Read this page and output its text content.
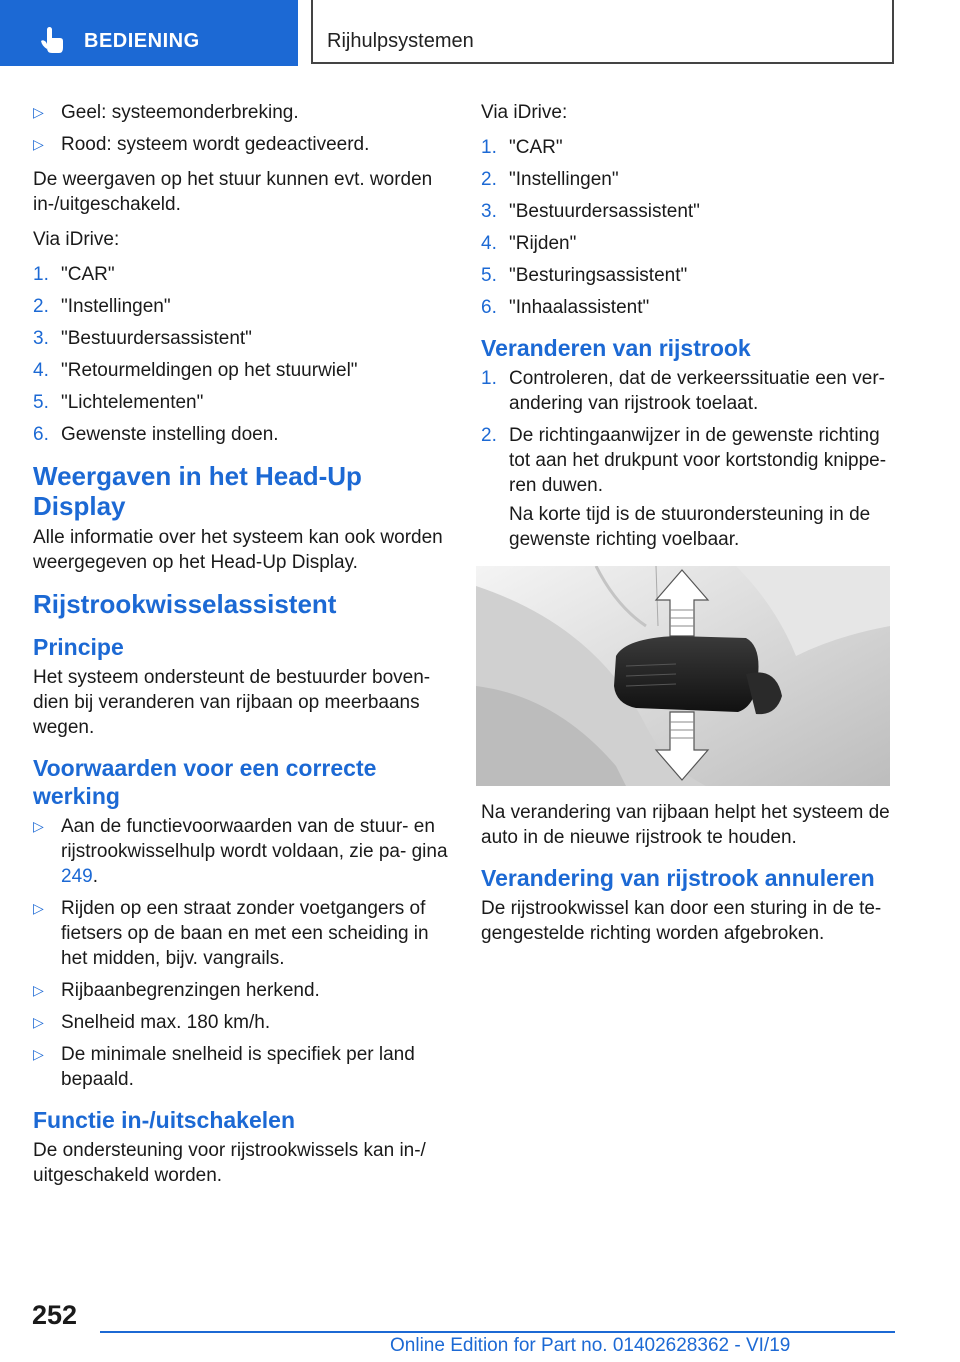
BEDIENING	Rijhulpsystemen
▷ Geel: systeemonderbreking.
▷ Rood: systeem wordt gedeactiveerd.

De weergaven op het stuur kunnen evt. worden in-/uitgeschakeld.

Via iDrive:

1. "CAR"
2. "Instellingen"
3. "Bestuurdersassistent"
4. "Retourmeldingen op het stuurwiel"
5. "Lichtelementen"
6. Gewenste instelling doen.
Weergaven in het Head-Up Display

Alle informatie over het systeem kan ook worden weergegeven op het Head-Up Display.

Rijstrookwisselassistent
Principe

Het systeem ondersteunt de bestuurder boven- dien bij veranderen van rijbaan op meerbaans wegen.

Voorwaarden voor een correcte werking
▷ Aan de functievoorwaarden van de stuur- en rijstrookwisselhulp wordt voldaan, zie pa- gina 249.
▷ Rijden op een straat zonder voetgangers of fietsers op de baan en met een scheiding in het midden, bijv. vangrails.
▷ Rijbaanbegrenzingen herkend.
▷ Snelheid max. 180 km/h.
▷ De minimale snelheid is specifiek per land bepaald.
Functie in-/uitschakelen

De ondersteuning voor rijstrookwissels kan in-/ uitgeschakeld worden.

Via iDrive:

1. "CAR"
2. "Instellingen"
3. "Bestuurdersassistent"
4. "Rijden"
5. "Besturingsassistent"
6. "Inhaalassistent"
Veranderen van rijstrook
1. Controleren, dat de verkeerssituatie een ver- andering van rijstrook toelaat.
2. De richtingaanwijzer in de gewenste richting tot aan het drukpunt voor kortstondig knippe- ren duwen.
Na korte tijd is de stuurondersteuning in de gewenste richting voelbaar.

Na verandering van rijbaan helpt het systeem de auto in de nieuwe rijstrook te houden.

Verandering van rijstrook annuleren

De rijstrookwissel kan door een sturing in de te- gengestelde richting worden afgebroken.

252
Online Edition for Part no. 01402628362 - VI/19
